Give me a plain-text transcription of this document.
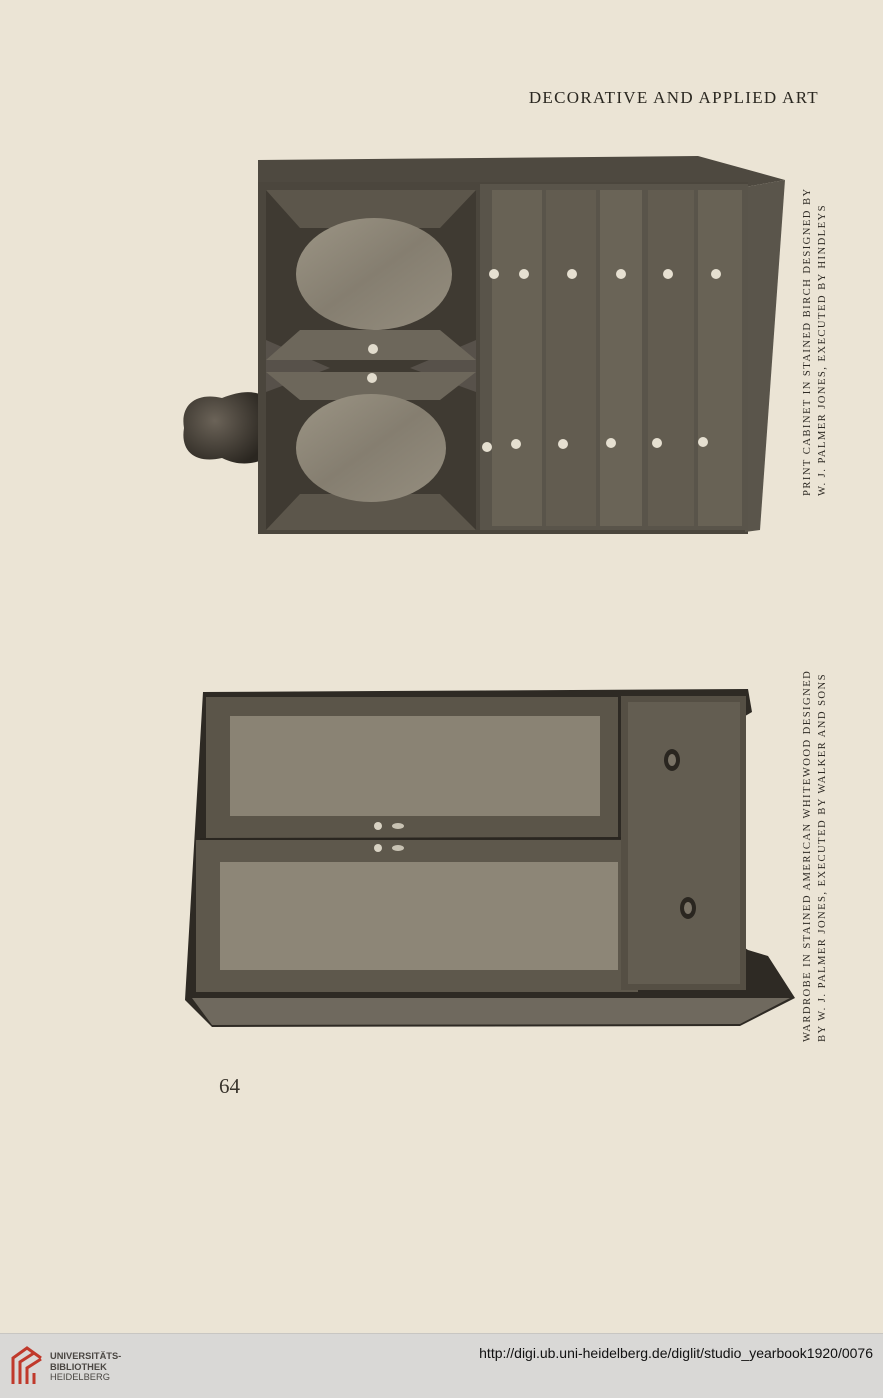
DECORATIVE AND APPLIED ART
PRINT CABINET IN STAINED BIRCH DESIGNED BY W. J. PALMER JONES, EXECUTED BY HINDLEYS
WARDROBE IN STAINED AMERICAN WHITEWOOD DESIGNED BY W. J. PALMER JONES, EXECUTED BY WALKER AND SONS
64
UNIVERSITÄTS-
BIBLIOTHEK
HEIDELBERG
http://digi.ub.uni-heidelberg.de/diglit/studio_yearbook1920/0076
